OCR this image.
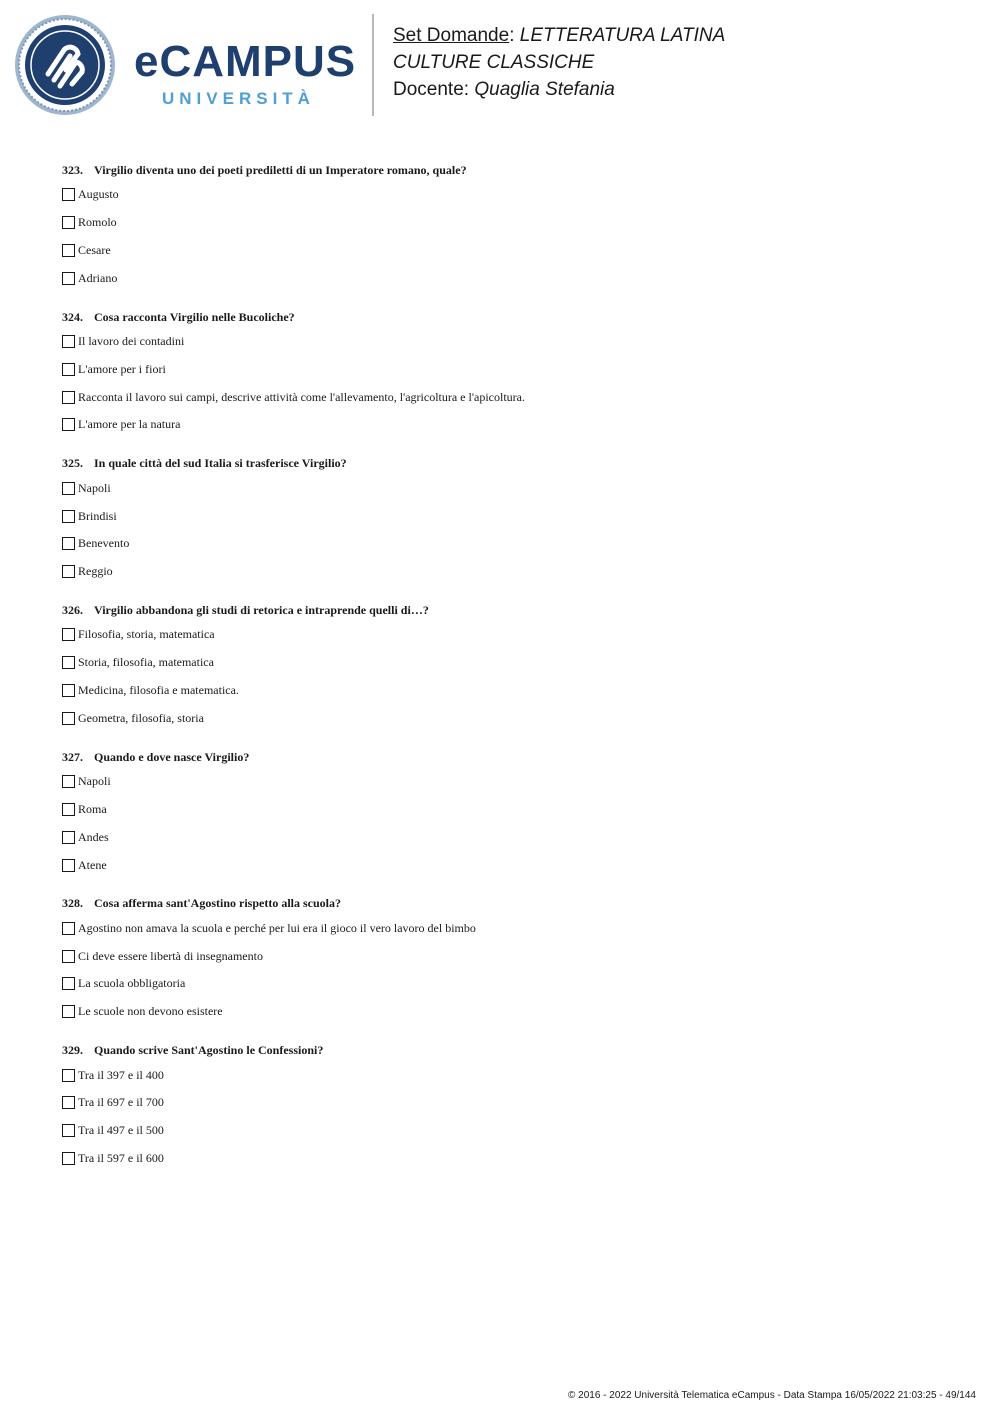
eCAMPUS
UNIVERSITÀ
Set Domande: LETTERATURA LATINA
CULTURE CLASSICHE
Docente: Quaglia Stefania
323. Virgilio diventa uno dei poeti prediletti di un Imperatore romano, quale?
Augusto
Romolo
Cesare
Adriano
324. Cosa racconta Virgilio nelle Bucoliche?
Il lavoro dei contadini
L'amore per i fiori
Racconta il lavoro sui campi, descrive attività come l'allevamento, l'agricoltura e l'apicoltura.
L'amore per la natura
325. In quale città del sud Italia si trasferisce Virgilio?
Napoli
Brindisi
Benevento
Reggio
326. Virgilio abbandona gli studi di retorica e intraprende quelli di…?
Filosofia, storia, matematica
Storia, filosofia, matematica
Medicina, filosofia e matematica.
Geometra, filosofia, storia
327. Quando e dove nasce Virgilio?
Napoli
Roma
Andes
Atene
328. Cosa afferma sant'Agostino rispetto alla scuola?
Agostino non amava la scuola e perché per lui era il gioco il vero lavoro del bimbo
Ci deve essere libertà di insegnamento
La scuola obbligatoria
Le scuole non devono esistere
329. Quando scrive Sant'Agostino le Confessioni?
Tra il 397 e il 400
Tra il 697 e il 700
Tra il 497 e il 500
Tra il 597 e il 600
© 2016 - 2022 Università Telematica eCampus - Data Stampa 16/05/2022 21:03:25 - 49/144
